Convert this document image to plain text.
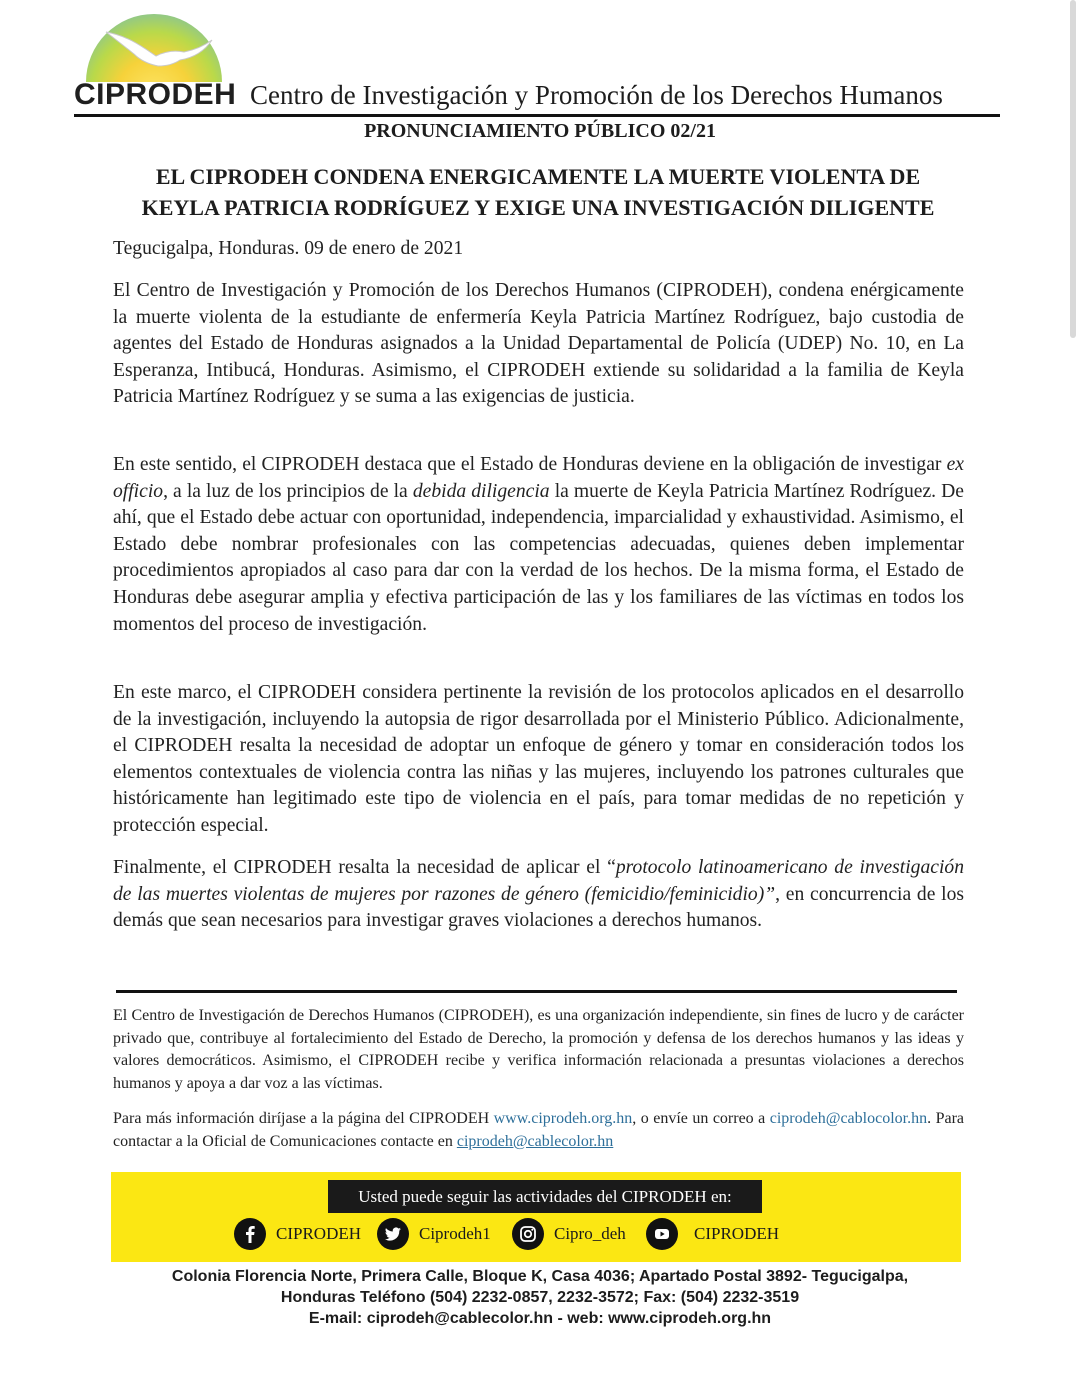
CIPRODEH Centro de Investigación y Promoción de los Derechos Humanos
PRONUNCIAMIENTO PÚBLICO 02/21
EL CIPRODEH CONDENA ENERGICAMENTE LA MUERTE VIOLENTA DE
KEYLA PATRICIA RODRÍGUEZ Y EXIGE UNA INVESTIGACIÓN DILIGENTE
Tegucigalpa, Honduras. 09 de enero de 2021

El Centro de Investigación y Promoción de los Derechos Humanos (CIPRODEH), condena enérgicamente la muerte violenta de la estudiante de enfermería Keyla Patricia Martínez Rodríguez, bajo custodia de agentes del Estado de Honduras asignados a la Unidad Departamental de Policía (UDEP) No. 10, en La Esperanza, Intibucá, Honduras. Asimismo, el CIPRODEH extiende su solidaridad a la familia de Keyla Patricia Martínez Rodríguez y se suma a las exigencias de justicia.

En este sentido, el CIPRODEH destaca que el Estado de Honduras deviene en la obligación de investigar ex officio, a la luz de los principios de la debida diligencia la muerte de Keyla Patricia Martínez Rodríguez. De ahí, que el Estado debe actuar con oportunidad, independencia, imparcialidad y exhaustividad. Asimismo, el Estado debe nombrar profesionales con las competencias adecuadas, quienes deben implementar procedimientos apropiados al caso para dar con la verdad de los hechos. De la misma forma, el Estado de Honduras debe asegurar amplia y efectiva participación de las y los familiares de las víctimas en todos los momentos del proceso de investigación.

En este marco, el CIPRODEH considera pertinente la revisión de los protocolos aplicados en el desarrollo de la investigación, incluyendo la autopsia de rigor desarrollada por el Ministerio Público. Adicionalmente, el CIPRODEH resalta la necesidad de adoptar un enfoque de género y tomar en consideración todos los elementos contextuales de violencia contra las niñas y las mujeres, incluyendo los patrones culturales que históricamente han legitimado este tipo de violencia en el país, para tomar medidas de no repetición y protección especial.

Finalmente, el CIPRODEH resalta la necesidad de aplicar el “protocolo latinoamericano de investigación de las muertes violentas de mujeres por razones de género (femicidio/feminicidio)”, en concurrencia de los demás que sean necesarios para investigar graves violaciones a derechos humanos.

El Centro de Investigación de Derechos Humanos (CIPRODEH), es una organización independiente, sin fines de lucro y de carácter privado que, contribuye al fortalecimiento del Estado de Derecho, la promoción y defensa de los derechos humanos y las ideas y valores democráticos. Asimismo, el CIPRODEH recibe y verifica información relacionada a presuntas violaciones a derechos humanos y apoya a dar voz a las víctimas.

Para más información diríjase a la página del CIPRODEH www.ciprodeh.org.hn, o envíe un correo a ciprodeh@cablocolor.hn. Para contactar a la Oficial de Comunicaciones contacte en ciprodeh@cablecolor.hn

Usted puede seguir las actividades del CIPRODEH en:
CIPRODEH	Ciprodeh1	Cipro_deh	CIPRODEH
Colonia Florencia Norte, Primera Calle, Bloque K, Casa 4036; Apartado Postal 3892- Tegucigalpa,
Honduras Teléfono (504) 2232-0857, 2232-3572; Fax: (504) 2232-3519
E-mail: ciprodeh@cablecolor.hn - web: www.ciprodeh.org.hn
